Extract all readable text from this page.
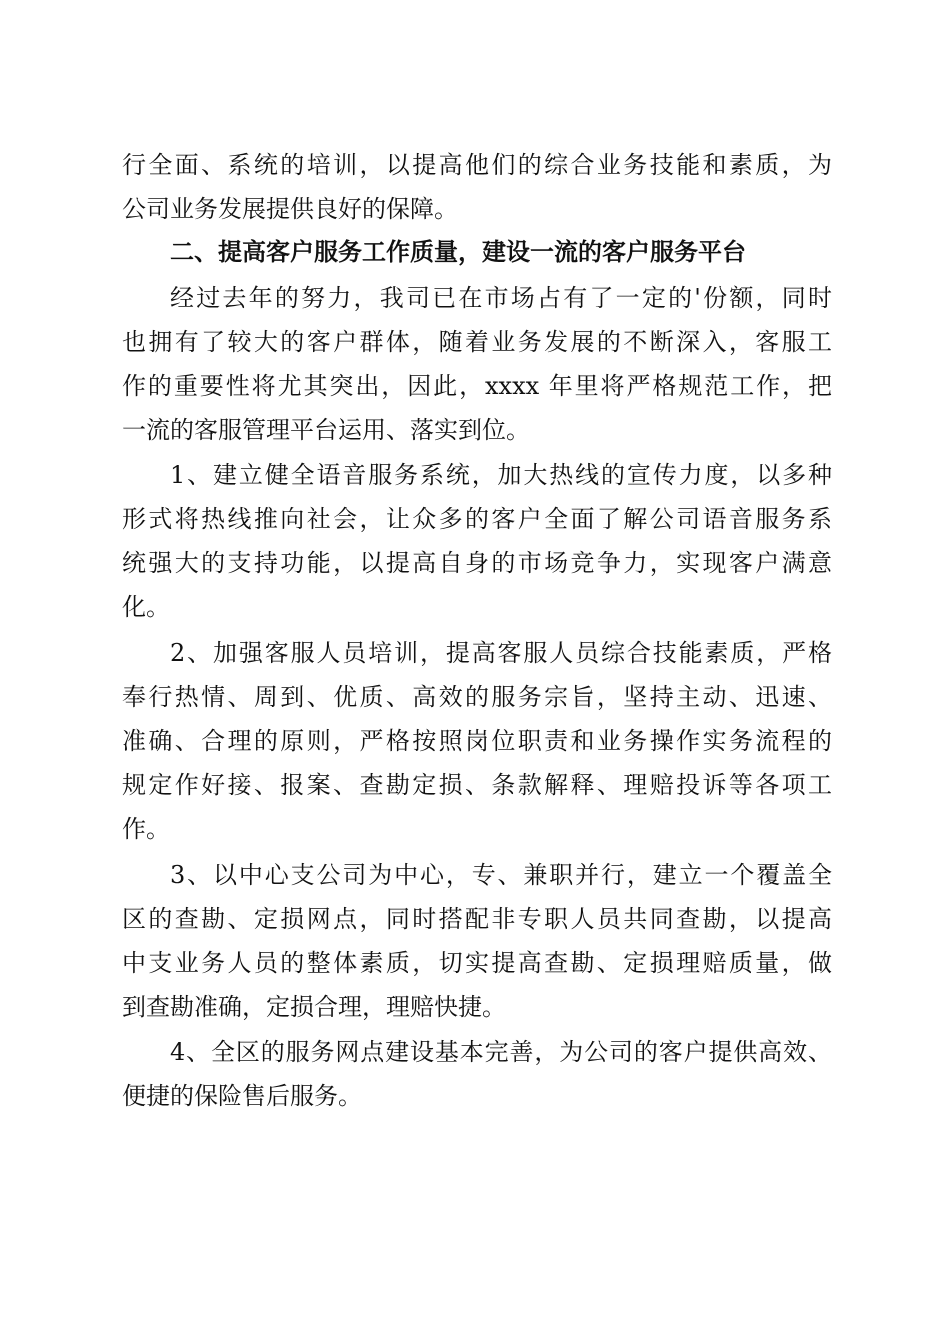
行全面、系统的培训，以提高他们的综合业务技能和素质，为
公司业务发展提供良好的保障。
二、提高客户服务工作质量，建设一流的客户服务平台
经过去年的努力，我司已在市场占有了一定的'份额，同时
也拥有了较大的客户群体，随着业务发展的不断深入，客服工
作的重要性将尤其突出，因此，xxxx 年里将严格规范工作，把
一流的客服管理平台运用、落实到位。
1、建立健全语音服务系统，加大热线的宣传力度，以多种
形式将热线推向社会，让众多的客户全面了解公司语音服务系
统强大的支持功能，以提高自身的市场竞争力，实现客户满意
化。
2、加强客服人员培训，提高客服人员综合技能素质，严格
奉行热情、周到、优质、高效的服务宗旨，坚持主动、迅速、
准确、合理的原则，严格按照岗位职责和业务操作实务流程的
规定作好接、报案、查勘定损、条款解释、理赔投诉等各项工
作。
3、以中心支公司为中心，专、兼职并行，建立一个覆盖全
区的查勘、定损网点，同时搭配非专职人员共同查勘，以提高
中支业务人员的整体素质，切实提高查勘、定损理赔质量，做
到查勘准确，定损合理，理赔快捷。
4、全区的服务网点建设基本完善，为公司的客户提供高效、
便捷的保险售后服务。
